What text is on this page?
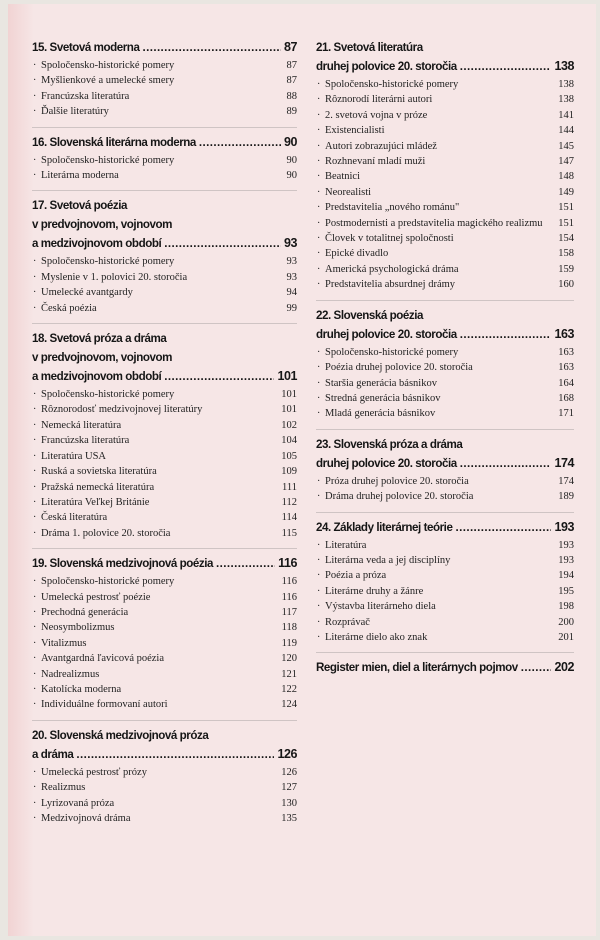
15. Svetová moderna .....	87
· Spoločensko-historické pomery	87
· Myšlienkové a umelecké smery	87
· Francúzska literatúra	88
· Ďalšie literatúry	89
16. Slovenská literárna moderna .....	90
· Spoločensko-historické pomery	90
· Literárna moderna	90
17. Svetová poézia
v predvojnovom, vojnovom
a medzivojnovom období .....	93
· Spoločensko-historické pomery	93
· Myslenie v 1. polovici 20. storočia	93
· Umelecké avantgardy	94
· Česká poézia	99
18. Svetová próza a dráma
v predvojnovom, vojnovom
a medzivojnovom období .....	101
· Spoločensko-historické pomery	101
· Rôznorodosť medzivojnovej literatúry	101
· Nemecká literatúra	102
· Francúzska literatúra	104
· Literatúra USA	105
· Ruská a sovietska literatúra	109
· Pražská nemecká literatúra	111
· Literatúra Veľkej Británie	112
· Česká literatúra	114
· Dráma 1. polovice 20. storočia	115
19. Slovenská medzivojnová poézia .....	116
· Spoločensko-historické pomery	116
· Umelecká pestrosť poézie	116
· Prechodná generácia	117
· Neosymbolizmus	118
· Vitalizmus	119
· Avantgardná ľavicová poézia	120
· Nadrealizmus	121
· Katolícka moderna	122
· Individuálne formovaní autori	124
20. Slovenská medzivojnová próza
a dráma .....	126
· Umelecká pestrosť prózy	126
· Realizmus	127
· Lyrizovaná próza	130
· Medzivojnová dráma	135
21. Svetová literatúra
druhej polovice 20. storočia .....	138
· Spoločensko-historické pomery	138
· Rôznorodí literárni autori	138
· 2. svetová vojna v próze	141
· Existencialisti	144
· Autori zobrazujúci mládež	145
· Rozhnevaní mladí muži	147
· Beatnici	148
· Neorealisti	149
· Predstavitelia „nového románu"	151
· Postmodernisti a predstavitelia magického realizmu	151
· Človek v totalitnej spoločnosti	154
· Epické divadlo	158
· Americká psychologická dráma	159
· Predstavitelia absurdnej drámy	160
22. Slovenská poézia
druhej polovice 20. storočia .....	163
· Spoločensko-historické pomery	163
· Poézia druhej polovice 20. storočia	163
· Staršia generácia básnikov	164
· Stredná generácia básnikov	168
· Mladá generácia básnikov	171
23. Slovenská próza a dráma
druhej polovice 20. storočia .....	174
· Próza druhej polovice 20. storočia	174
· Dráma druhej polovice 20. storočia	189
24. Základy literárnej teórie .....	193
· Literatúra	193
· Literárna veda a jej disciplíny	193
· Poézia a próza	194
· Literárne druhy a žánre	195
· Výstavba literárneho diela	198
· Rozprávač	200
· Literárne dielo ako znak	201
Register mien, diel a literárnych pojmov .....	202
